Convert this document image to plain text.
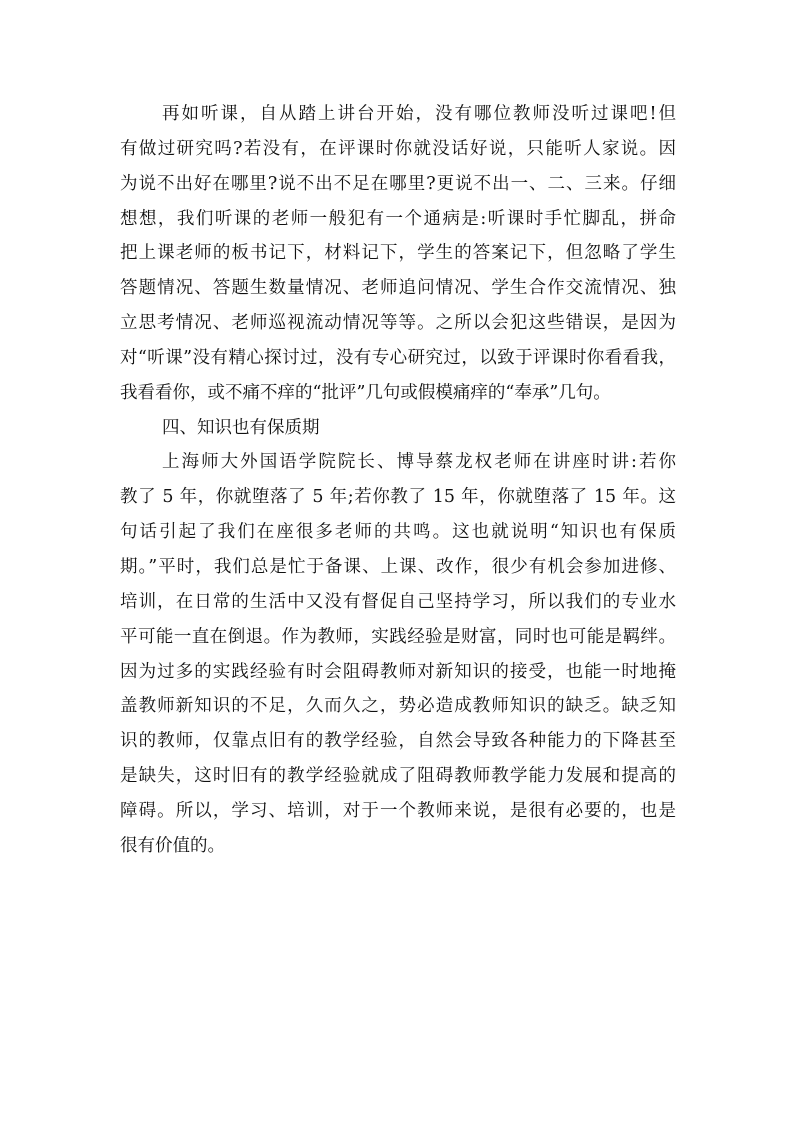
再如听课，自从踏上讲台开始，没有哪位教师没听过课吧!但
有做过研究吗?若没有，在评课时你就没话好说，只能听人家说。因
为说不出好在哪里?说不出不足在哪里?更说不出一、二、三来。仔细
想想，我们听课的老师一般犯有一个通病是:听课时手忙脚乱，拼命
把上课老师的板书记下，材料记下，学生的答案记下，但忽略了学生
答题情况、答题生数量情况、老师追问情况、学生合作交流情况、独
立思考情况、老师巡视流动情况等等。之所以会犯这些错误，是因为
对“听课”没有精心探讨过，没有专心研究过，以致于评课时你看看我，
我看看你，或不痛不痒的“批评”几句或假模痛痒的“奉承”几句。
四、知识也有保质期
上海师大外国语学院院长、博导蔡龙权老师在讲座时讲:若你
教了 5 年，你就堕落了 5 年;若你教了 15 年，你就堕落了 15 年。这
句话引起了我们在座很多老师的共鸣。这也就说明“知识也有保质
期。”平时，我们总是忙于备课、上课、改作，很少有机会参加进修、
培训，在日常的生活中又没有督促自己坚持学习，所以我们的专业水
平可能一直在倒退。作为教师，实践经验是财富，同时也可能是羁绊。
因为过多的实践经验有时会阻碍教师对新知识的接受，也能一时地掩
盖教师新知识的不足，久而久之，势必造成教师知识的缺乏。缺乏知
识的教师，仅靠点旧有的教学经验，自然会导致各种能力的下降甚至
是缺失，这时旧有的教学经验就成了阻碍教师教学能力发展和提高的
障碍。所以，学习、培训，对于一个教师来说，是很有必要的，也是
很有价值的。
